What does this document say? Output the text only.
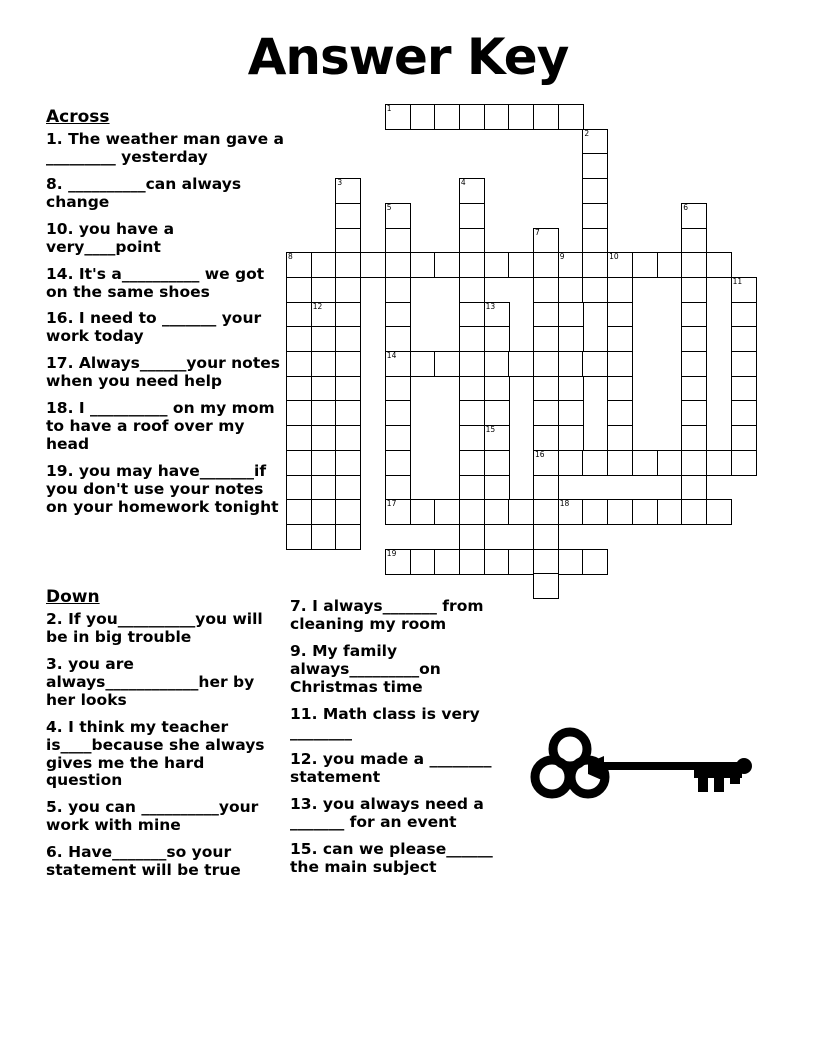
Answer Key
Across
1. The weather man gave a _________ yesterday
8. __________can always change
10. you have a very____point
14. It's a__________ we got on the same shoes
16. I need to _______ your work today
17. Always______your notes when you need help
18. I __________ on my mom to have a roof over my head
19. you may have_______if you don't use your notes on your homework tonight
Down
2. If you__________you will be in big trouble
3. you are always____________her by her looks
4. I think my teacher is____because she always gives me the hard question
5. you can __________your work with mine
6. Have_______so your statement will be true
7. I always_______ from cleaning my room
9. My family always_________on Christmas time
11. Math class is very ________
12. you made a ________ statement
13. you always need a _______ for an event
15. can we please______ the main subject
1
2
3	4
5	6
7
8	9	10
11
12	13
14
15
16
17	18
19
